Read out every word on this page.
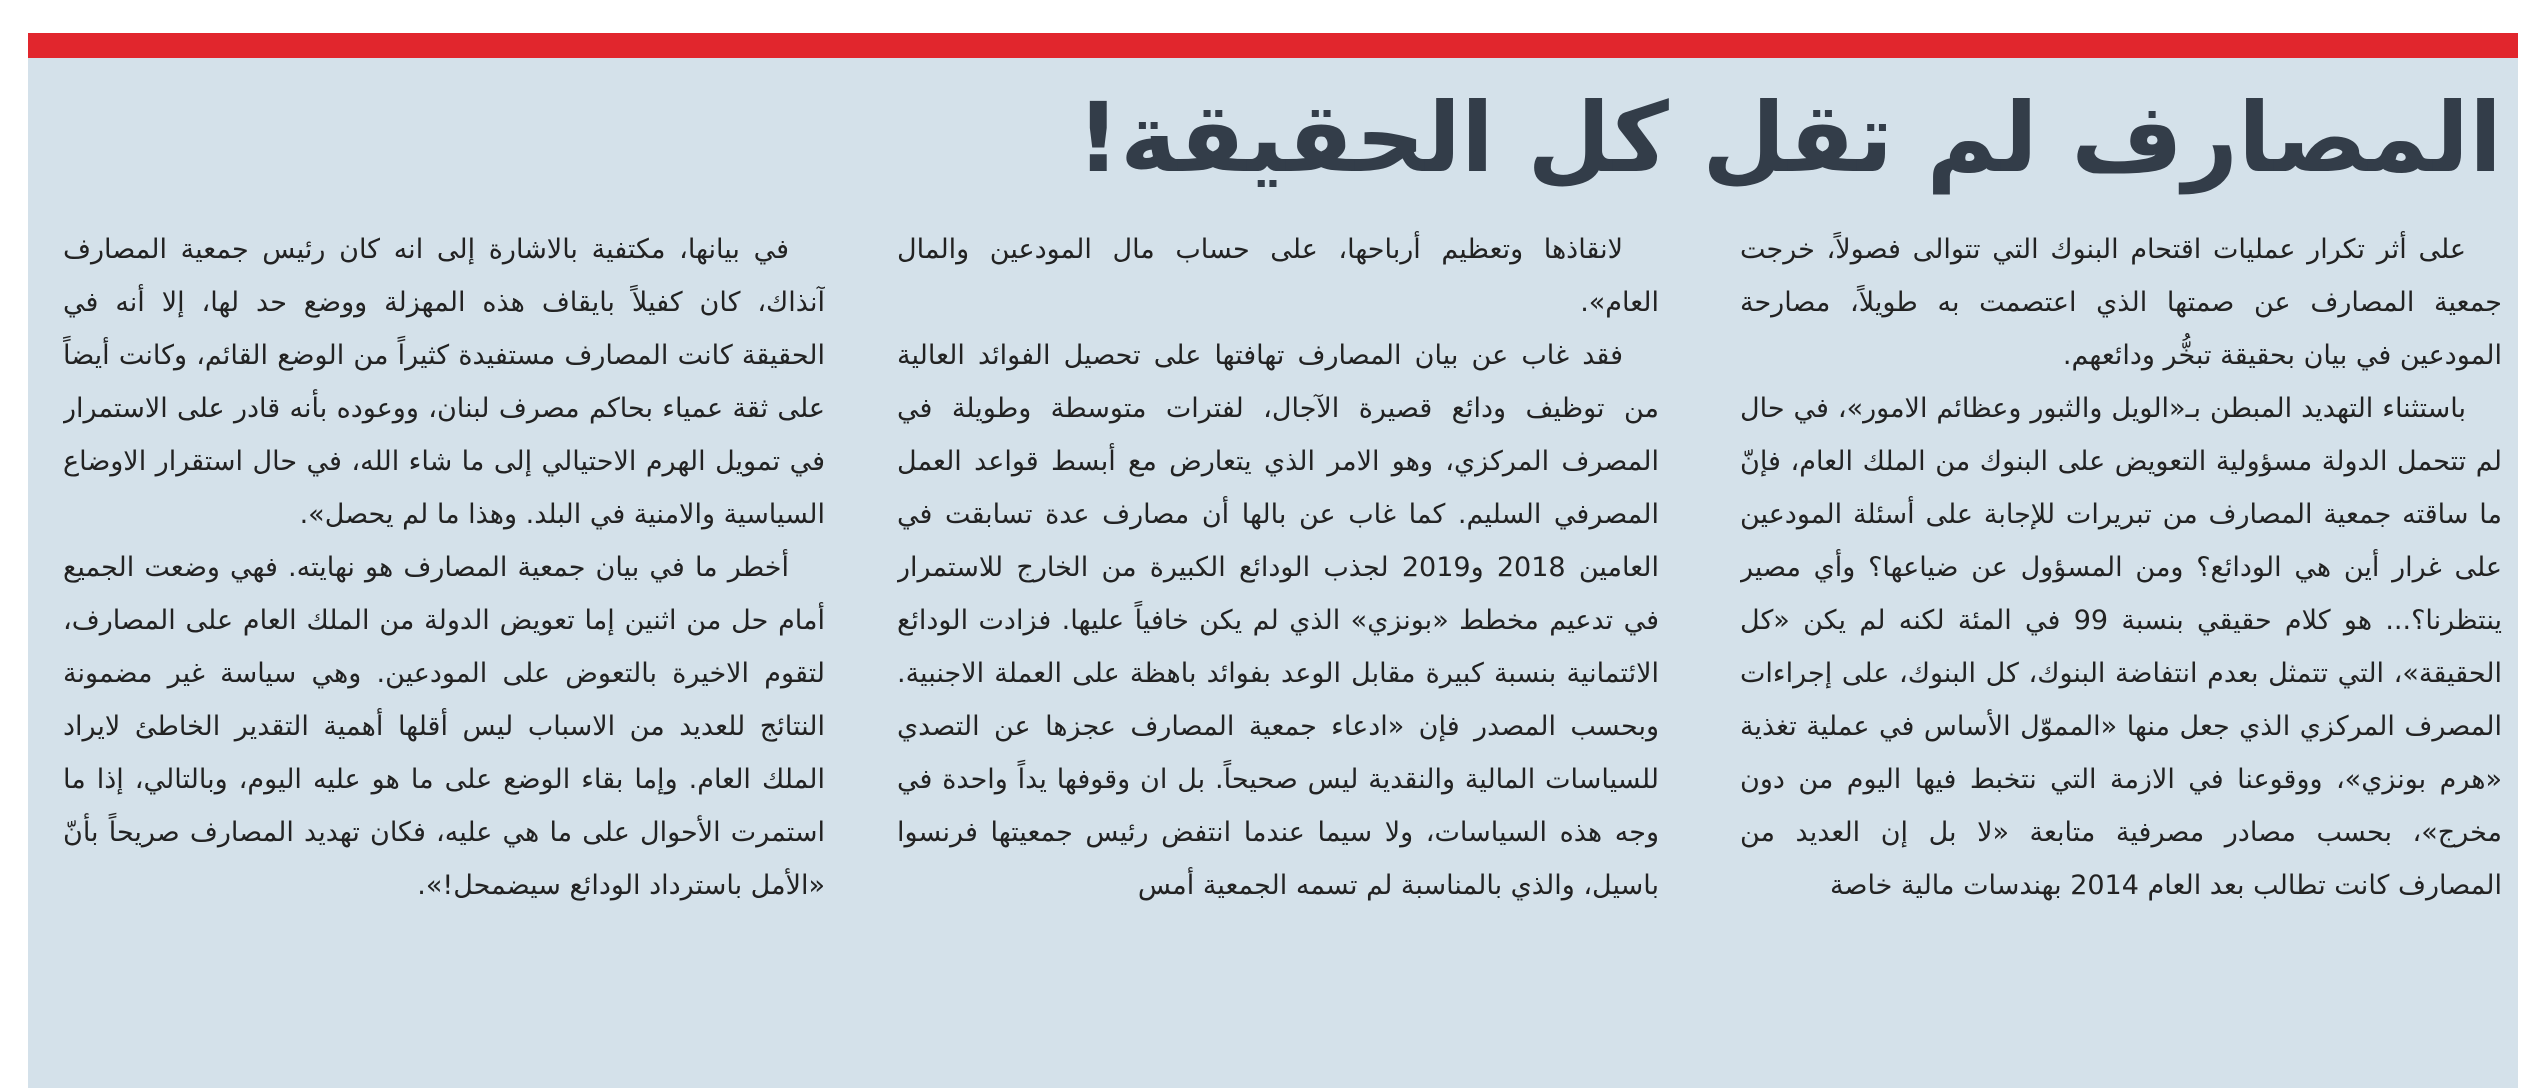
المصارف لم تقل كل الحقيقة!

على أثر تكرار عمليات اقتحام البنوك التي تتوالى فصولاً، خرجت جمعية المصارف عن صمتها الذي اعتصمت به طويلاً، مصارحة المودعين في بيان بحقيقة تبخُّر ودائعهم.

باستثناء التهديد المبطن بـ«الويل والثبور وعظائم الامور»، في حال لم تتحمل الدولة مسؤولية التعويض على البنوك من الملك العام، فإنّ ما ساقته جمعية المصارف من تبريرات للإجابة على أسئلة المودعين على غرار أين هي الودائع؟ ومن المسؤول عن ضياعها؟ وأي مصير ينتظرنا؟... هو كلام حقيقي بنسبة 99 في المئة لكنه لم يكن «كل الحقيقة»، التي تتمثل بعدم انتفاضة البنوك، كل البنوك، على إجراءات المصرف المركزي الذي جعل منها «المموّل الأساس في عملية تغذية «هرم بونزي»، ووقوعنا في الازمة التي نتخبط فيها اليوم من دون مخرج»، بحسب مصادر مصرفية متابعة «لا بل إن العديد من المصارف كانت تطالب بعد العام 2014 بهندسات مالية خاصة

لانقاذها وتعظيم أرباحها، على حساب مال المودعين والمال العام».

فقد غاب عن بيان المصارف تهافتها على تحصيل الفوائد العالية من توظيف ودائع قصيرة الآجال، لفترات متوسطة وطويلة في المصرف المركزي، وهو الامر الذي يتعارض مع أبسط قواعد العمل المصرفي السليم. كما غاب عن بالها أن مصارف عدة تسابقت في العامين 2018 و2019 لجذب الودائع الكبيرة من الخارج للاستمرار في تدعيم مخطط «بونزي» الذي لم يكن خافياً عليها. فزادت الودائع الائتمانية بنسبة كبيرة مقابل الوعد بفوائد باهظة على العملة الاجنبية. وبحسب المصدر فإن «ادعاء جمعية المصارف عجزها عن التصدي للسياسات المالية والنقدية ليس صحيحاً. بل ان وقوفها يداً واحدة في وجه هذه السياسات، ولا سيما عندما انتفض رئيس جمعيتها فرنسوا باسيل، والذي بالمناسبة لم تسمه الجمعية أمس

في بيانها، مكتفية بالاشارة إلى انه كان رئيس جمعية المصارف آنذاك، كان كفيلاً بايقاف هذه المهزلة ووضع حد لها، إلا أنه في الحقيقة كانت المصارف مستفيدة كثيراً من الوضع القائم، وكانت أيضاً على ثقة عمياء بحاكم مصرف لبنان، ووعوده بأنه قادر على الاستمرار في تمويل الهرم الاحتيالي إلى ما شاء الله، في حال استقرار الاوضاع السياسية والامنية في البلد. وهذا ما لم يحصل».

أخطر ما في بيان جمعية المصارف هو نهايته. فهي وضعت الجميع أمام حل من اثنين إما تعويض الدولة من الملك العام على المصارف، لتقوم الاخيرة بالتعوض على المودعين. وهي سياسة غير مضمونة النتائج للعديد من الاسباب ليس أقلها أهمية التقدير الخاطئ لايراد الملك العام. وإما بقاء الوضع على ما هو عليه اليوم، وبالتالي، إذا ما استمرت الأحوال على ما هي عليه، فكان تهديد المصارف صريحاً بأنّ «الأمل باسترداد الودائع سيضمحل!».
